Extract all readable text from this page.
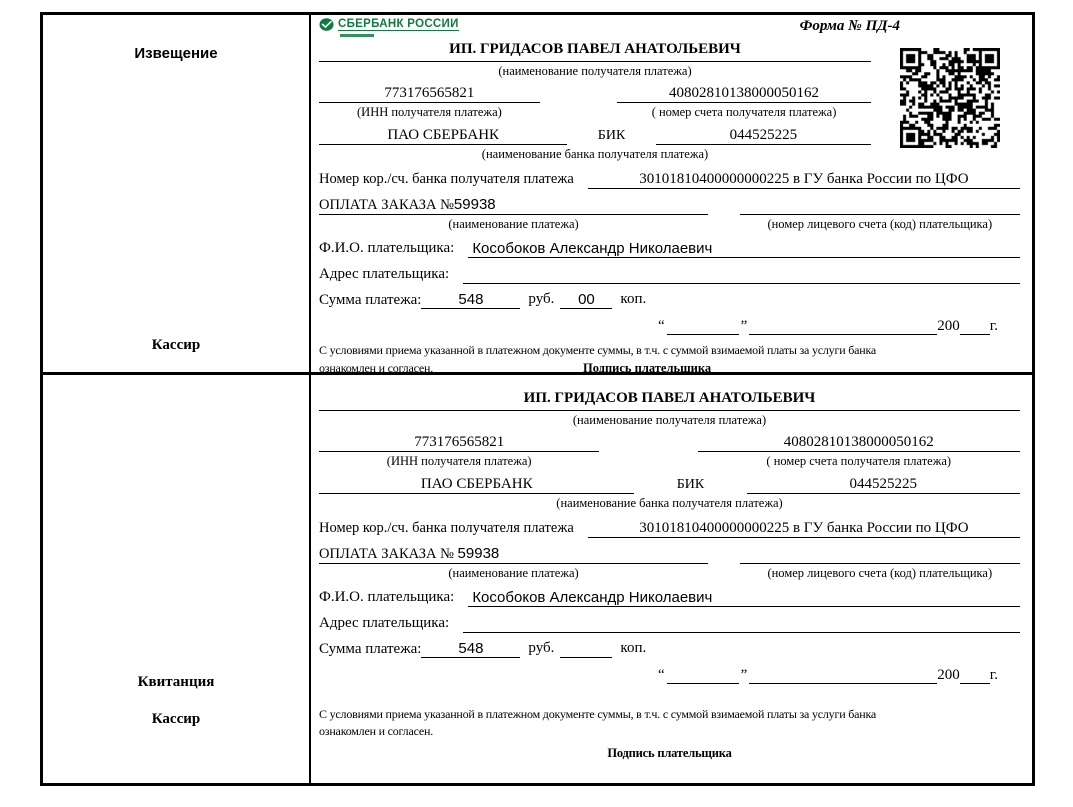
Извещение
Кассир
СБЕРБАНК РОССИИ	Форма № ПД-4
ИП. ГРИДАСОВ ПАВЕЛ АНАТОЛЬЕВИЧ
(наименование получателя платежа)
773176565821	40802810138000050162
(ИНН получателя платежа)	( номер счета получателя платежа)
ПАО СБЕРБАНК	БИК	044525225
(наименование банка получателя платежа)
Номер кор./сч. банка получателя платежа	30101810400000000225 в ГУ банка России по ЦФО
ОПЛАТА ЗАКАЗА №59938
(наименование платежа)	(номер лицевого счета (код) плательщика)
Ф.И.О. плательщика:	Кособоков Александр Николаевич
Адрес плательщика:
Сумма платежа:	548	руб.	00	коп.
“	”	200 г.
С условиями приема указанной в платежном документе суммы, в т.ч. с суммой взимаемой платы за услуги банка
ознакомлен и согласен.	Подпись плательщика
Квитанция
Кассир
ИП. ГРИДАСОВ ПАВЕЛ АНАТОЛЬЕВИЧ
(наименование получателя платежа)
773176565821	40802810138000050162
(ИНН получателя платежа)	( номер счета получателя платежа)
ПАО СБЕРБАНК	БИК	044525225
(наименование банка получателя платежа)
Номер кор./сч. банка получателя платежа	30101810400000000225 в ГУ банка России по ЦФО
ОПЛАТА ЗАКАЗА № 59938
(наименование платежа)	(номер лицевого счета (код) плательщика)
Ф.И.О. плательщика:	Кособоков Александр Николаевич
Адрес плательщика:
Сумма платежа:	548	руб.	коп.
“	”	200 г.
С условиями приема указанной в платежном документе суммы, в т.ч. с суммой взимаемой платы за услуги банка
ознакомлен и согласен.
Подпись плательщика
